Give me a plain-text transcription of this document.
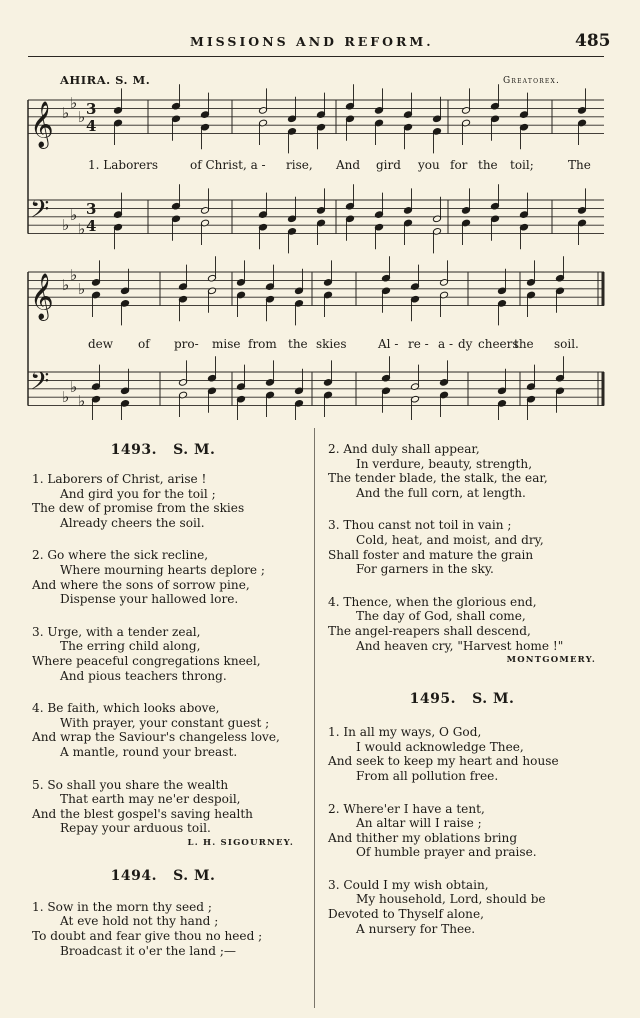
MISSIONS AND REFORM.	485
AHIRA. S. M.	Greatorex.
𝄞 ♭
♭
♭ 3
4
𝄢 ♭
♭
♭
3
4
𝄞 ♭
♭
♭
𝄢 ♭
♭
♭
1. Laborers	of Christ, a - rise, And gird you for the toil;	The
dew of pro- mise from the skies	Al - re - a - dy cheers
the soil.
1493. S. M.
1. Laborers of Christ, arise !
And gird you for the toil ;
The dew of promise from the skies
Already cheers the soil.
2. Go where the sick recline,
Where mourning hearts deplore ;
And where the sons of sorrow pine,
Dispense your hallowed lore.
3. Urge, with a tender zeal,
The erring child along,
Where peaceful congregations kneel,
And pious teachers throng.
4. Be faith, which looks above,
With prayer, your constant guest ;
And wrap the Saviour's changeless love,
A mantle, round your breast.
5. So shall you share the wealth
That earth may ne'er despoil,
And the blest gospel's saving health
Repay your arduous toil.
L. H. SIGOURNEY.
1494. S. M.
1. Sow in the morn thy seed ;
At eve hold not thy hand ;
To doubt and fear give thou no heed ;
Broadcast it o'er the land ;—
2. And duly shall appear,
In verdure, beauty, strength,
The tender blade, the stalk, the ear,
And the full corn, at length.
3. Thou canst not toil in vain ;
Cold, heat, and moist, and dry,
Shall foster and mature the grain
For garners in the sky.
4. Thence, when the glorious end,
The day of God, shall come,
The angel-reapers shall descend,
And heaven cry, "Harvest home !"
MONTGOMERY.
1495. S. M.
1. In all my ways, O God,
I would acknowledge Thee,
And seek to keep my heart and house
From all pollution free.
2. Where'er I have a tent,
An altar will I raise ;
And thither my oblations bring
Of humble prayer and praise.
3. Could I my wish obtain,
My household, Lord, should be
Devoted to Thyself alone,
A nursery for Thee.
